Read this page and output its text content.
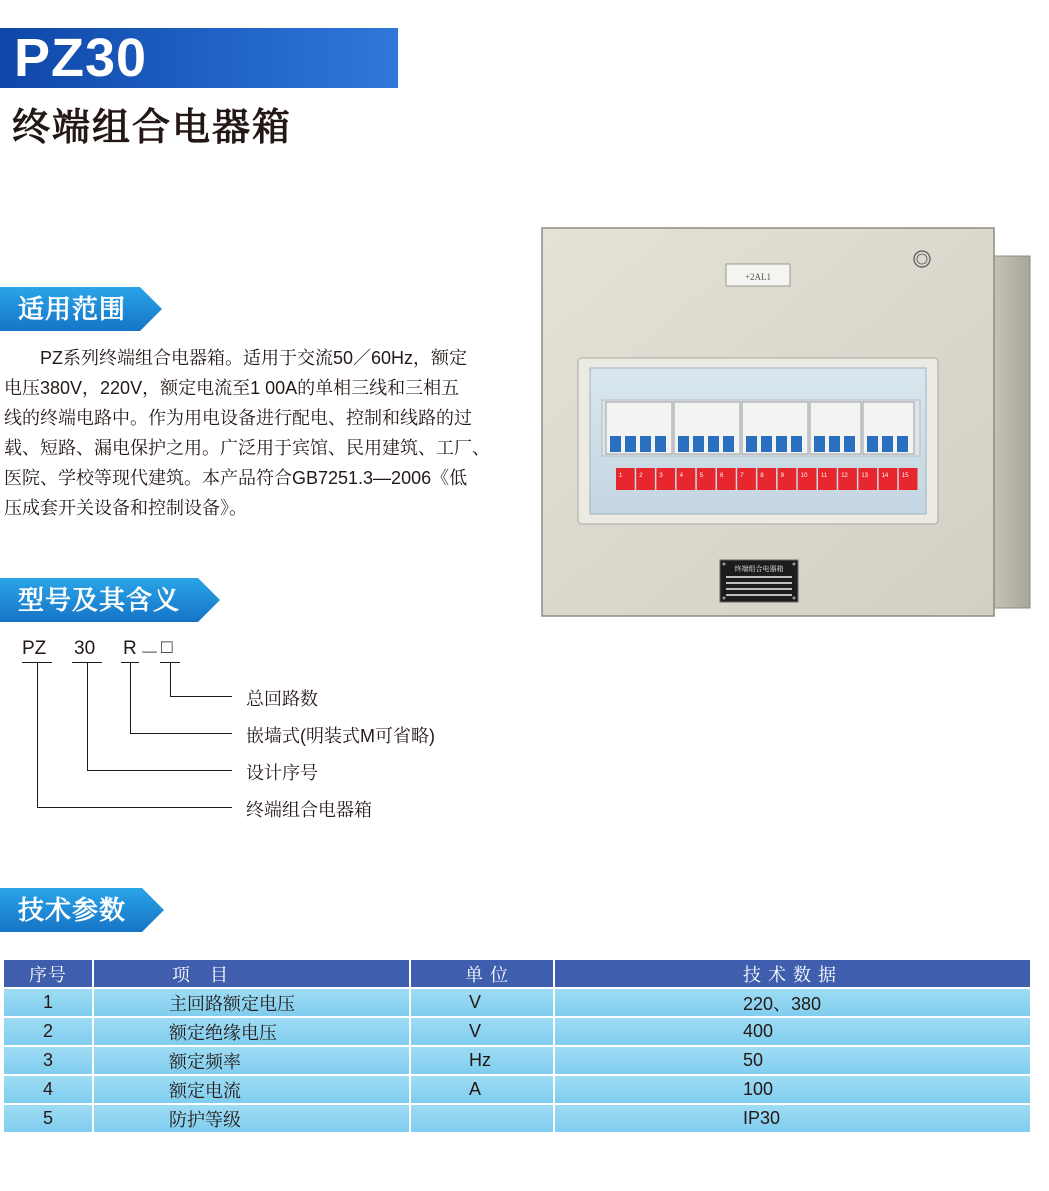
PZ30
终端组合电器箱
适用范围
　　PZ系列终端组合电器箱。适用于交流50／60Hz，额定
电压380V，220V，额定电流至1 00A的单相三线和三相五
线的终端电路中。作为用电设备进行配电、控制和线路的过
载、短路、漏电保护之用。广泛用于宾馆、民用建筑、工厂、
医院、学校等现代建筑。本产品符合GB7251.3—2006《低
压成套开关设备和控制设备》。
型号及其含义
PZ 30 R － □
总回路数
嵌墙式(明装式M可省略)
设计序号
终端组合电器箱
技术参数
序号	项　目	单 位	技 术 数 据
1	主回路额定电压	V	220、380
2	额定绝缘电压	V	400
3	额定频率	Hz	50
4	额定电流	A	100
5	防护等级		IP30
+2AL1
1	2	3	4	5	6	7	8	9	10 11 12 13 14 15
终端组合电器箱
